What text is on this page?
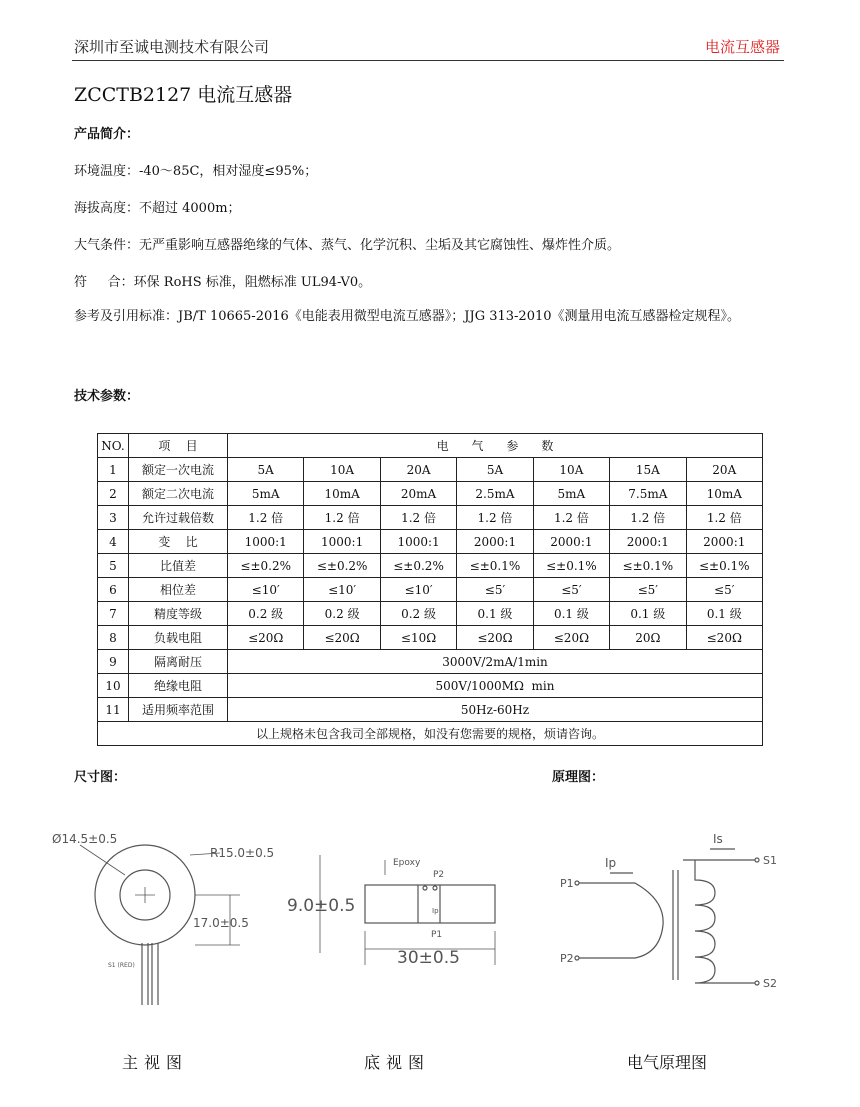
深圳市至诚电测技术有限公司	电流互感器
ZCCTB2127 电流互感器
产品简介：
环境温度：-40～85C，相对湿度≤95%；
海拔高度：不超过 4000m；
大气条件：无严重影响互感器绝缘的气体、蒸气、化学沉积、尘垢及其它腐蚀性、爆炸性介质。
符     合：环保 RoHS 标准，阻燃标准 UL94-V0。
参考及引用标准：JB/T 10665-2016《电能表用微型电流互感器》；JJG 313-2010《测量用电流互感器检定规程》。
技术参数：
NO.	项    目	电      气      参      数						
1	额定一次电流	5A	10A	20A	5A	10A	15A	20A
2	额定二次电流	5mA	10mA	20mA	2.5mA	5mA	7.5mA	10mA
3	允许过载倍数	1.2 倍	1.2 倍	1.2 倍	1.2 倍	1.2 倍	1.2 倍	1.2 倍
4	变    比	1000:1	1000:1	1000:1	2000:1	2000:1	2000:1	2000:1
5	比值差	≤±0.2%	≤±0.2%	≤±0.2%	≤±0.1%	≤±0.1%	≤±0.1%	≤±0.1%
6	相位差	≤10′	≤10′	≤10′	≤5′	≤5′	≤5′	≤5′
7	精度等级	0.2 级	0.2 级	0.2 级	0.1 级	0.1 级	0.1 级	0.1 级
8	负载电阻	≤20Ω	≤20Ω	≤10Ω	≤20Ω	≤20Ω	20Ω	≤20Ω
9	隔离耐压	3000V/2mA/1min						
10	绝缘电阻	500V/1000MΩ  min						
11	适用频率范围	50Hz-60Hz						
以上规格未包含我司全部规格，如没有您需要的规格，烦请咨询。								
尺寸图：	原理图：
Ø14.5±0.5
R15.0±0.5
17.0±0.5
S1 (RED)
Epoxy
P2
P1
Ip
9.0±0.5
30±0.5
Is
Ip
P1
P2
S1
S2
主视图	底视图	电气原理图
